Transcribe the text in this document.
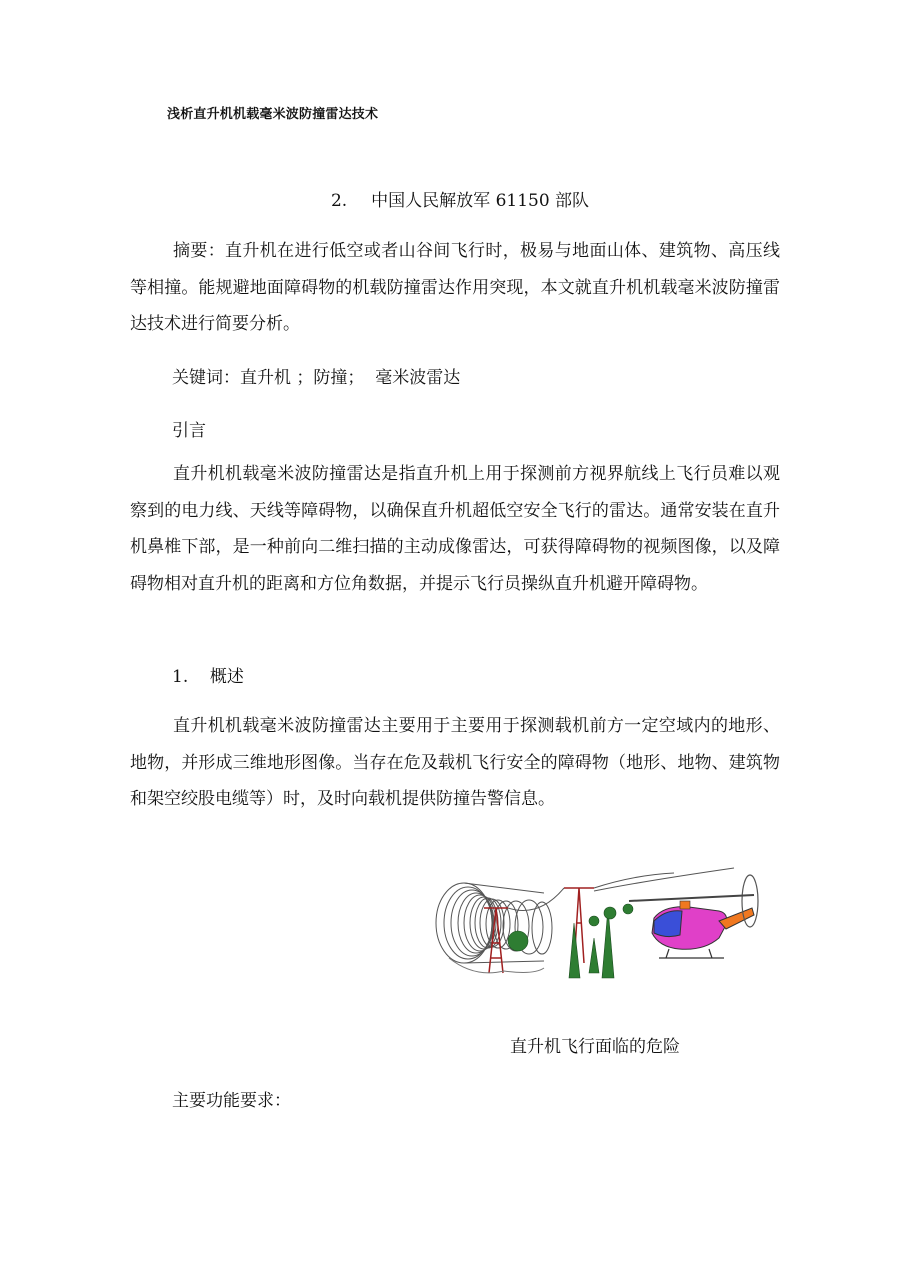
浅析直升机机载毫米波防撞雷达技术
2. 中国人民解放军 61150 部队

摘要：直升机在进行低空或者山谷间飞行时，极易与地面山体、建筑物、高压线等相撞。能规避地面障碍物的机载防撞雷达作用突现，本文就直升机机载毫米波防撞雷达技术进行简要分析。

关键词：直升机 ；防撞；  毫米波雷达
引言

直升机机载毫米波防撞雷达是指直升机上用于探测前方视界航线上飞行员难以观察到的电力线、天线等障碍物，以确保直升机超低空安全飞行的雷达。通常安装在直升机鼻椎下部，是一种前向二维扫描的主动成像雷达，可获得障碍物的视频图像，以及障碍物相对直升机的距离和方位角数据，并提示飞行员操纵直升机避开障碍物。

1. 概述

直升机机载毫米波防撞雷达主要用于主要用于探测载机前方一定空域内的地形、地物，并形成三维地形图像。当存在危及载机飞行安全的障碍物（地形、地物、建筑物和架空绞股电缆等）时，及时向载机提供防撞告警信息。

直升机飞行面临的危险
主要功能要求：
